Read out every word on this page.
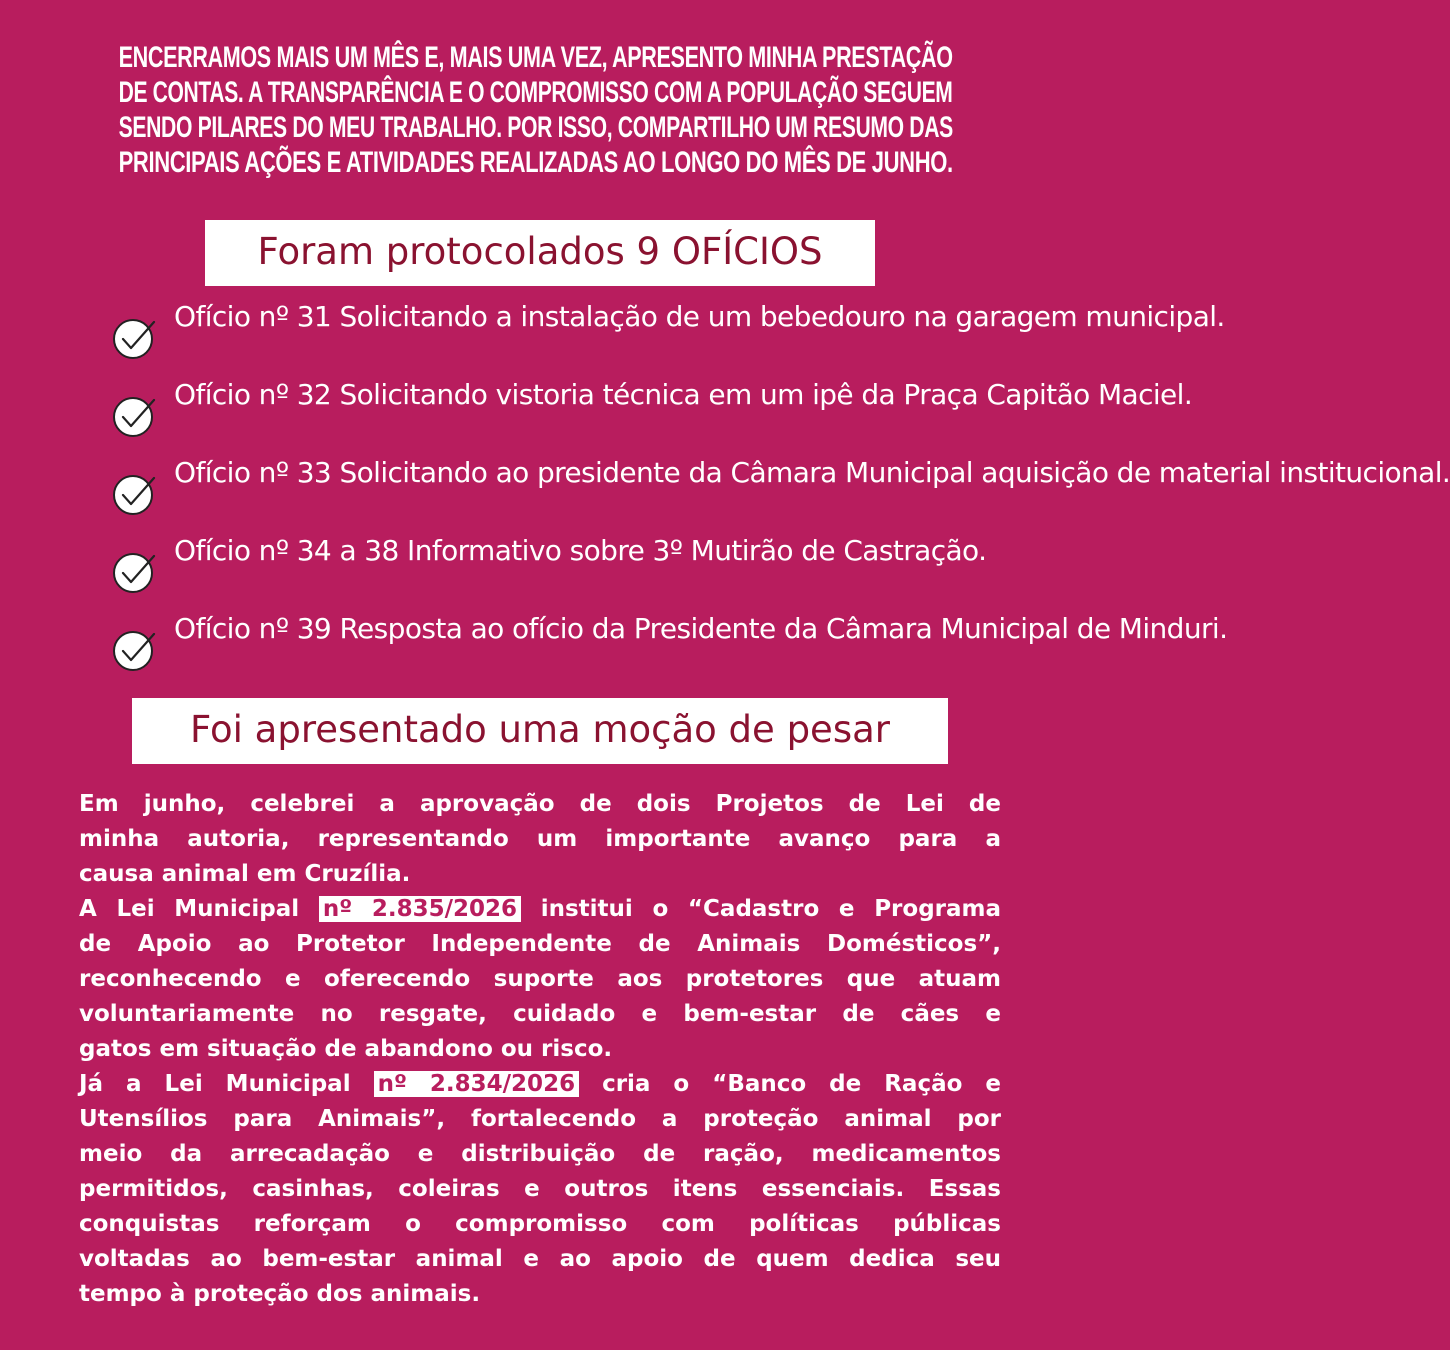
ENCERRAMOS MAIS UM MÊS E, MAIS UMA VEZ, APRESENTO MINHA PRESTAÇÃO
DE CONTAS. A TRANSPARÊNCIA E O COMPROMISSO COM A POPULAÇÃO SEGUEM
SENDO PILARES DO MEU TRABALHO. POR ISSO, COMPARTILHO UM RESUMO DAS
PRINCIPAIS AÇÕES E ATIVIDADES REALIZADAS AO LONGO DO MÊS DE JUNHO.
Foram protocolados 9 OFÍCIOS
Ofício nº 31 Solicitando a instalação de um bebedouro na garagem municipal.
Ofício nº 32 Solicitando vistoria técnica em um ipê da Praça Capitão Maciel.
Ofício nº 33 Solicitando ao presidente da Câmara Municipal aquisição de material institucional.
Ofício nº 34 a 38 Informativo sobre 3º Mutirão de Castração.
Ofício nº 39 Resposta ao ofício da Presidente da Câmara Municipal de Minduri.
Foi apresentado uma moção de pesar
Em junho, celebrei a aprovação de dois Projetos de Lei de
minha autoria, representando um importante avanço para a
causa animal em Cruzília.
A Lei Municipal nº 2.835/2026 institui o “Cadastro e Programa
de Apoio ao Protetor Independente de Animais Domésticos”,
reconhecendo e oferecendo suporte aos protetores que atuam
voluntariamente no resgate, cuidado e bem-estar de cães e
gatos em situação de abandono ou risco.
Já a Lei Municipal nº 2.834/2026 cria o “Banco de Ração e
Utensílios para Animais”, fortalecendo a proteção animal por
meio da arrecadação e distribuição de ração, medicamentos
permitidos, casinhas, coleiras e outros itens essenciais. Essas
conquistas reforçam o compromisso com políticas públicas
voltadas ao bem-estar animal e ao apoio de quem dedica seu
tempo à proteção dos animais.
